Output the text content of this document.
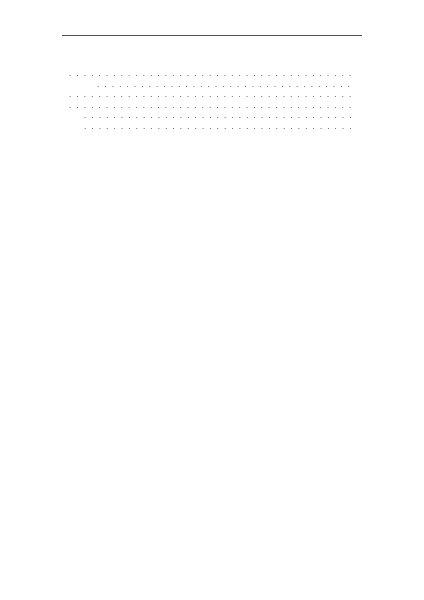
. . .
. . .
. . .
. . .
. . .
. . .
